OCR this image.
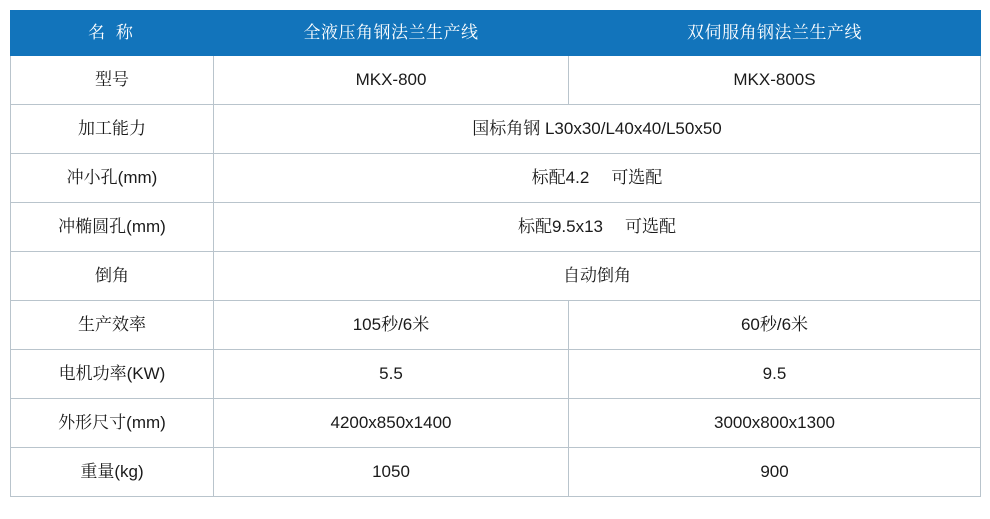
名 称	全液压角钢法兰生产线	双伺服角钢法兰生产线
型号	MKX-800	MKX-800S
加工能力	国标角钢 L30x30/L40x40/L50x50	
冲小孔(mm)	标配4.2 可选配	
冲椭圆孔(mm)	标配9.5x13 可选配	
倒角	自动倒角	
生产效率	105秒/6米	60秒/6米
电机功率(KW)	5.5	9.5
外形尺寸(mm)	4200x850x1400	3000x800x1300
重量(kg)	1050	900
